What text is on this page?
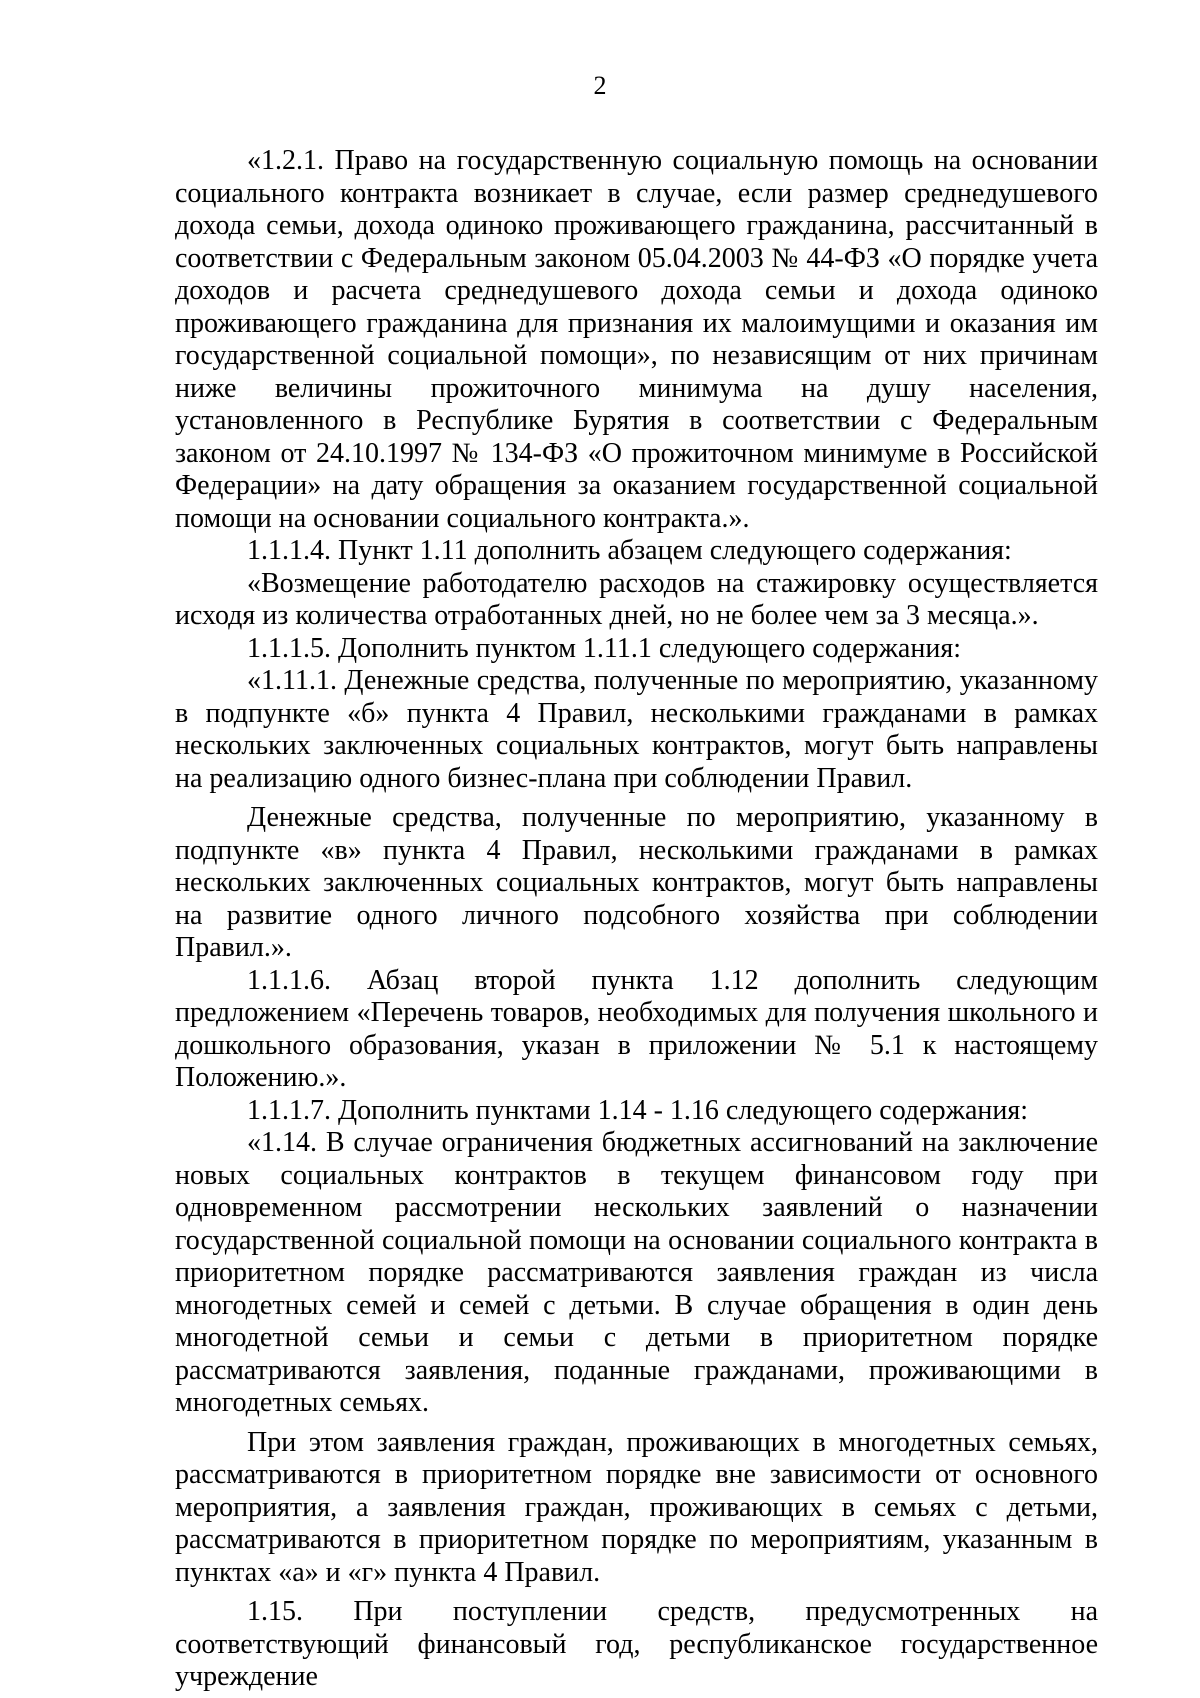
2

«1.2.1. Право на государственную социальную помощь на основании социального контракта возникает в случае, если размер среднедушевого дохода семьи, дохода одиноко проживающего гражданина, рассчитанный в соответствии с Федеральным законом 05.04.2003 № 44-ФЗ «О порядке учета доходов и расчета среднедушевого дохода семьи и дохода одиноко проживающего гражданина для признания их малоимущими и оказания им государственной социальной помощи», по независящим от них причинам ниже величины прожиточного минимума на душу населения, установленного в Республике Бурятия в соответствии с Федеральным законом от 24.10.1997 № 134-ФЗ «О прожиточном минимуме в Российской Федерации» на дату обращения за оказанием государственной социальной помощи на основании социального контракта.».

1.1.1.4. Пункт 1.11 дополнить абзацем следующего содержания:

«Возмещение работодателю расходов на стажировку осуществляется исходя из количества отработанных дней, но не более чем за 3 месяца.».

1.1.1.5. Дополнить пунктом 1.11.1 следующего содержания:

«1.11.1. Денежные средства, полученные по мероприятию, указанному в подпункте «б» пункта 4 Правил, несколькими гражданами в рамках нескольких заключенных социальных контрактов, могут быть направлены на реализацию одного бизнес-плана при соблюдении Правил.

Денежные средства, полученные по мероприятию, указанному в подпункте «в» пункта 4 Правил, несколькими гражданами в рамках нескольких заключенных социальных контрактов, могут быть направлены на развитие одного личного подсобного хозяйства при соблюдении Правил.».

1.1.1.6. Абзац второй пункта 1.12 дополнить следующим предложением «Перечень товаров, необходимых для получения школьного и дошкольного образования, указан в приложении № 5.1 к настоящему Положению.».

1.1.1.7. Дополнить пунктами 1.14 - 1.16 следующего содержания:

«1.14. В случае ограничения бюджетных ассигнований на заключение новых социальных контрактов в текущем финансовом году при одновременном рассмотрении нескольких заявлений о назначении государственной социальной помощи на основании социального контракта в приоритетном порядке рассматриваются заявления граждан из числа многодетных семей и семей с детьми. В случае обращения в один день многодетной семьи и семьи с детьми в приоритетном порядке рассматриваются заявления, поданные гражданами, проживающими в многодетных семьях.

При этом заявления граждан, проживающих в многодетных семьях, рассматриваются в приоритетном порядке вне зависимости от основного мероприятия, а заявления граждан, проживающих в семьях с детьми, рассматриваются в приоритетном порядке по мероприятиям, указанным в пунктах «а» и «г» пункта 4 Правил.

1.15. При поступлении средств, предусмотренных на соответствующий финансовый год, республиканское государственное учреждение
